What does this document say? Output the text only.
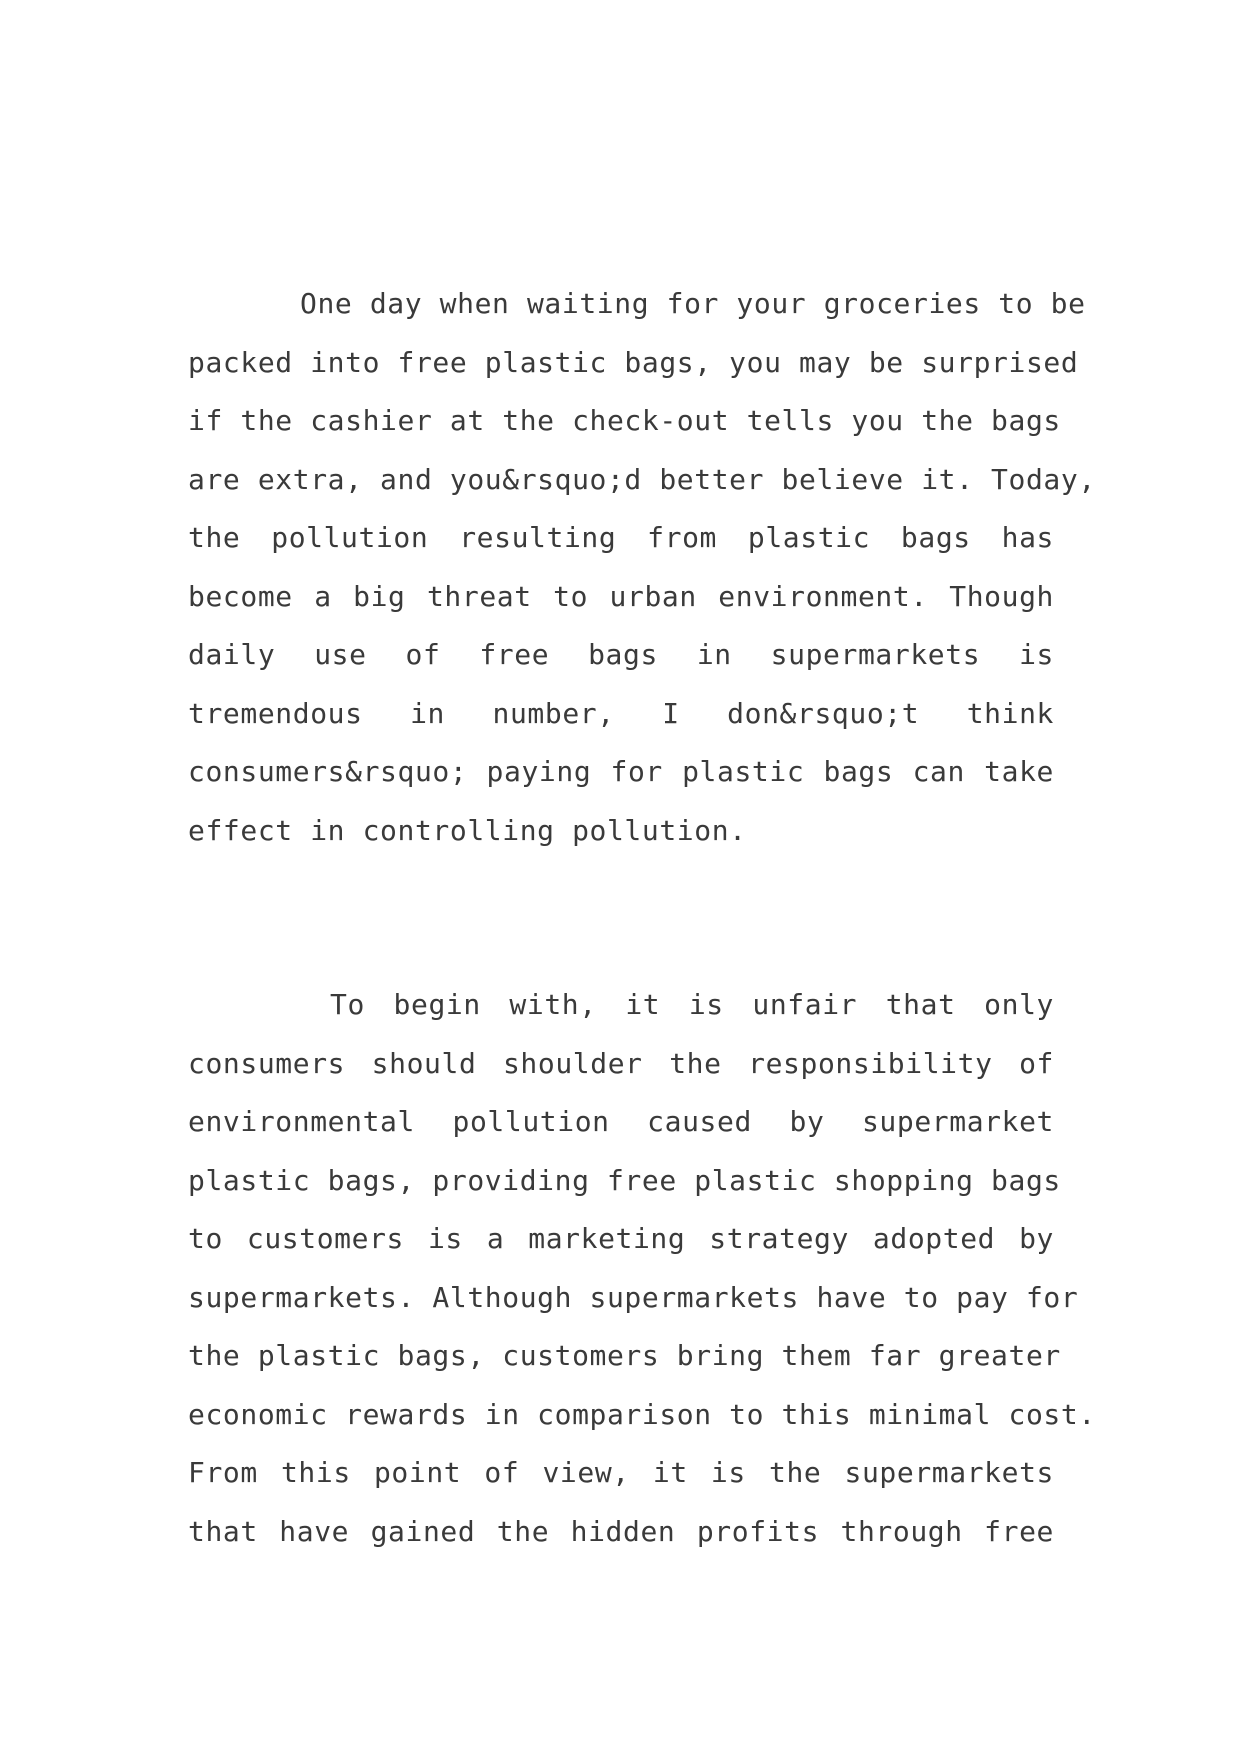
One day when waiting for your groceries to be
packed into free plastic bags, you may be surprised
if the cashier at the check-out tells you the bags
are extra, and you&rsquo;d better believe it. Today,
the pollution resulting from plastic bags has
become a big threat to urban environment. Though
daily use of free bags in supermarkets is
tremendous in number, I don&rsquo;t think
consumers&rsquo; paying for plastic bags can take
effect in controlling pollution.

To begin with, it is unfair that only
consumers should shoulder the responsibility of
environmental pollution caused by supermarket
plastic bags, providing free plastic shopping bags
to customers is a marketing strategy adopted by
supermarkets. Although supermarkets have to pay for
the plastic bags, customers bring them far greater
economic rewards in comparison to this minimal cost.
From this point of view, it is the supermarkets
that have gained the hidden profits through free
